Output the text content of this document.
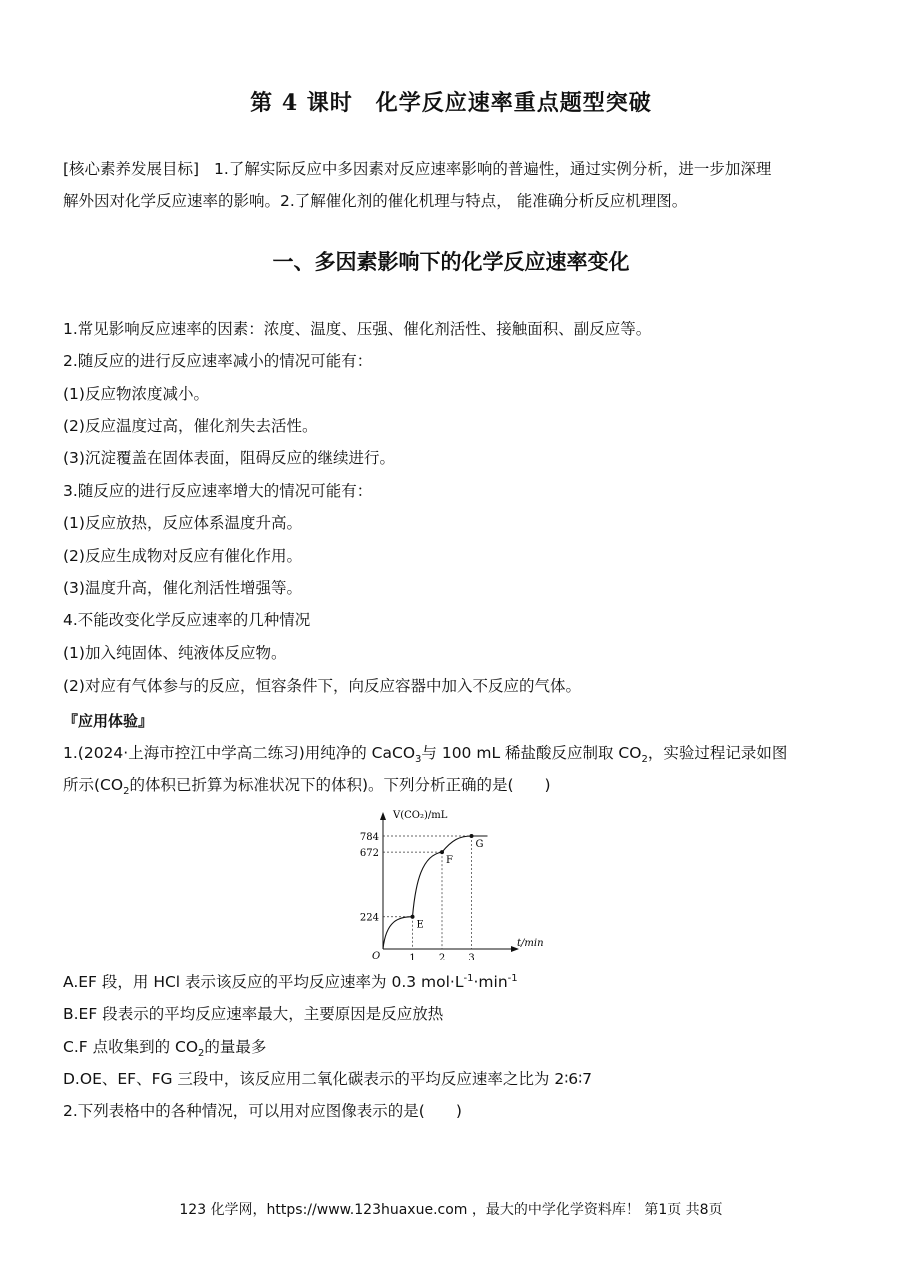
第 4 课时　化学反应速率重点题型突破
[核心素养发展目标] 1.了解实际反应中多因素对反应速率影响的普遍性，通过实例分析，进一步加深理
解外因对化学反应速率的影响。2.了解催化剂的催化机理与特点， 能准确分析反应机理图。
一、多因素影响下的化学反应速率变化
1.常见影响反应速率的因素：浓度、温度、压强、催化剂活性、接触面积、副反应等。
2.随反应的进行反应速率减小的情况可能有：
(1)反应物浓度减小。
(2)反应温度过高，催化剂失去活性。
(3)沉淀覆盖在固体表面，阻碍反应的继续进行。
3.随反应的进行反应速率增大的情况可能有：
(1)反应放热，反应体系温度升高。
(2)反应生成物对反应有催化作用。
(3)温度升高，催化剂活性增强等。
4.不能改变化学反应速率的几种情况
(1)加入纯固体、纯液体反应物。
(2)对应有气体参与的反应，恒容条件下，向反应容器中加入不反应的气体。
『应用体验』
1.(2024·上海市控江中学高二练习)用纯净的 CaCO$_3$与 100 mL 稀盐酸反应制取 $CO_2$，实验过程记录如图
所示($CO_2$的体积已折算为标准状况下的体积)。下列分析正确的是(　　)
V(CO₂)/mL
t/min
O
224
672
784
1 2 3
E
F
G
A.EF 段，用 HCl 表示该反应的平均反应速率为 0.3 $mol\cdot L^{-1}\cdot\min^{-1}$
B.EF 段表示的平均反应速率最大，主要原因是反应放热
C.F 点收集到的 $CO_2$的量最多
D.OE、EF、FG 三段中，该反应用二氧化碳表示的平均反应速率之比为 2∶6∶7
2.下列表格中的各种情况，可以用对应图像表示的是(　　)
123 化学网，https://www.123huaxue.com ，最大的中学化学资料库！ 第1页 共8页
